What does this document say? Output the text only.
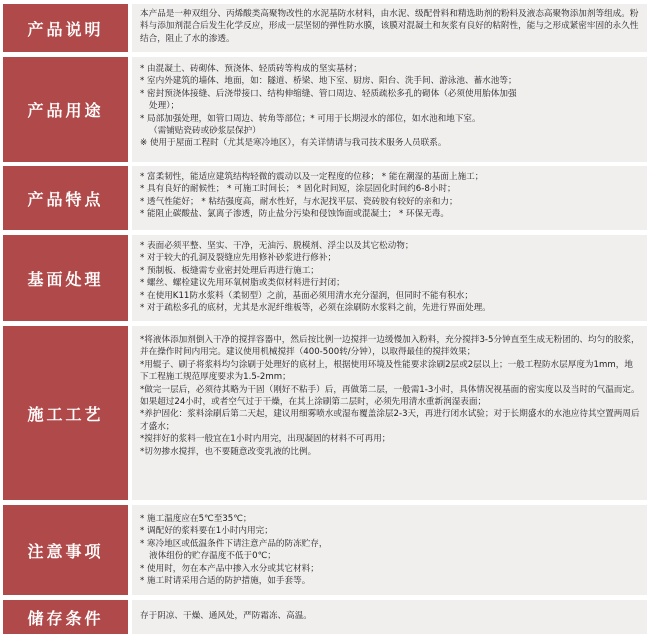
产品说明
本产品是一种双组分、丙烯酸类高聚物改性的水泥基防水材料，由水泥、级配骨料和精选助剂的粉料及液态高聚物添加剂等组成。粉料与添加剂混合后发生化学反应，形成一层坚韧的弹性防水膜，该膜对混凝土和灰浆有良好的粘附性，能与之形成紧密牢固的永久性结合，阻止了水的渗透。
产品用途
* 由混凝土、砖砌体、预浇体、轻质砖等构成的坚实基材；
* 室内外建筑的墙体、地面，如：隧道、桥梁、地下室、厨房、阳台、洗手间、游泳池、蓄水池等；
* 密封预浇体接缝、后浇带接口、结构伸缩缝、管口周边、轻质疏松多孔的砌体（必须使用胎体加强
处理）；
* 局部加强处理，如管口周边、转角等部位；* 可用于长期浸水的部位，如水池和地下室。
（需铺贴瓷砖或砂浆层保护）
※ 使用于屋面工程时（尤其是寒冷地区），有关详情请与我司技术服务人员联系。
产品特点
* 富柔韧性，能适应建筑结构轻微的震动以及一定程度的位移； * 能在潮湿的基面上施工；
* 具有良好的耐候性； * 可施工时间长； * 固化时间短，涂层固化时间约6-8小时；
* 透气性能好； * 粘结强度高，耐水性好，与水泥找平层、瓷砖胶有较好的亲和力；
* 能阻止碳酸盐、氯离子渗透，防止盐分污染和侵蚀饰面或混凝土； * 环保无毒。
基面处理
* 表面必须平整、坚实、干净，无油污、脱模剂、浮尘以及其它松动物；
* 对于较大的孔洞及裂缝应先用修补砂浆进行修补；
* 预制板、板缝需专业密封处理后再进行施工；
* 螺丝、螺栓建议先用环氧树脂或类似材料进行封闭；
* 在使用K11防水浆料（柔韧型）之前，基面必须用清水充分湿润，但同时不能有积水；
* 对于疏松多孔的底材，尤其是水泥纤维板等，必须在涂刷防水浆料之前，先进行界面处理。
施工工艺
*将液体添加剂倒入干净的搅拌容器中，然后按比例一边搅拌一边缓慢加入粉料，充分搅拌3-5分钟直至生成无粉团的、均匀的胶浆，并在操作时间内用完。建议使用机械搅拌（400-500转/分钟），以取得最佳的搅拌效果；
*用辊子、刷子将浆料均匀涂刷于处理好的底材上，根据使用环境及性能要求涂刷2层或2层以上；一般工程防水层厚度为1mm，地下工程施工规范厚度要求为1.5-2mm；
*做完一层后，必须待其略为干固（刚好不粘手）后，再做第二层，一般需1-3小时，具体情况视基面的密实度以及当时的气温而定。如果超过24小时，或者空气过于干燥，在其上涂刷第二层时，必须先用清水重新润湿表面；
*养护固化：浆料涂刷后第二天起，建议用细雾喷水或湿布覆盖涂层2-3天，再进行闭水试验；对于长期盛水的水池应待其空置两周后才盛水；
*搅拌好的浆料一般宜在1小时内用完，出现凝固的材料不可再用；
*切勿掺水搅拌，也不要随意改变乳液的比例。
注意事项
* 施工温度应在5℃至35℃；
* 调配好的浆料要在1小时内用完；
* 寒冷地区或低温条件下请注意产品的防冻贮存，
液体组份的贮存温度不低于0℃；
* 使用时，勿在本产品中掺入水分或其它材料；
* 施工时请采用合适的防护措施，如手套等。
储存条件	存于阴凉、干燥、通风处，严防霜冻、高温。
